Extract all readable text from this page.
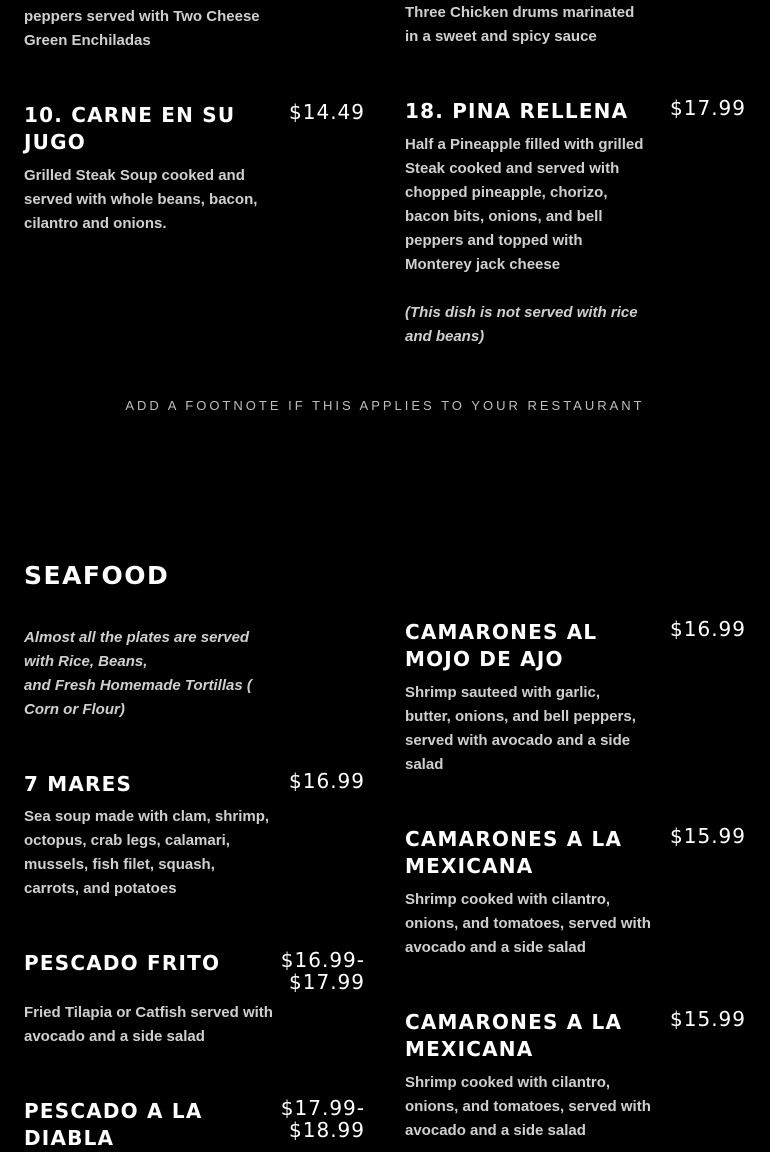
peppers served with Two Cheese Green Enchiladas
Three Chicken drums marinated in a sweet and spicy sauce
10. CARNE EN SU JUGO
$14.49
Grilled Steak Soup cooked and served with whole beans, bacon, cilantro and onions.
18. PINA RELLENA	$17.99
Half a Pineapple filled with grilled Steak cooked and served with chopped pineapple, chorizo, bacon bits, onions, and bell peppers and topped with Monterey jack cheese
(This dish is not served with rice and beans)
ADD A FOOTNOTE IF THIS APPLIES TO YOUR RESTAURANT
SEAFOOD
Almost all the plates are served with Rice, Beans,
and Fresh Homemade Tortillas ( Corn or Flour)
7 MARES	$16.99
Sea soup made with clam, shrimp, octopus, crab legs, calamari, mussels, fish filet, squash, carrots, and potatoes
PESCADO FRITO	$16.99-
$17.99
Fried Tilapia or Catfish served with avocado and a side salad
PESCADO A LA DIABLA
$17.99-
$18.99
CAMARONES AL MOJO DE AJO
$16.99
Shrimp sauteed with garlic, butter, onions, and bell peppers, served with avocado and a side salad
CAMARONES A LA MEXICANA
$15.99
Shrimp cooked with cilantro, onions, and tomatoes, served with avocado and a side salad
CAMARONES A LA MEXICANA
$15.99
Shrimp cooked with cilantro, onions, and tomatoes, served with avocado and a side salad
